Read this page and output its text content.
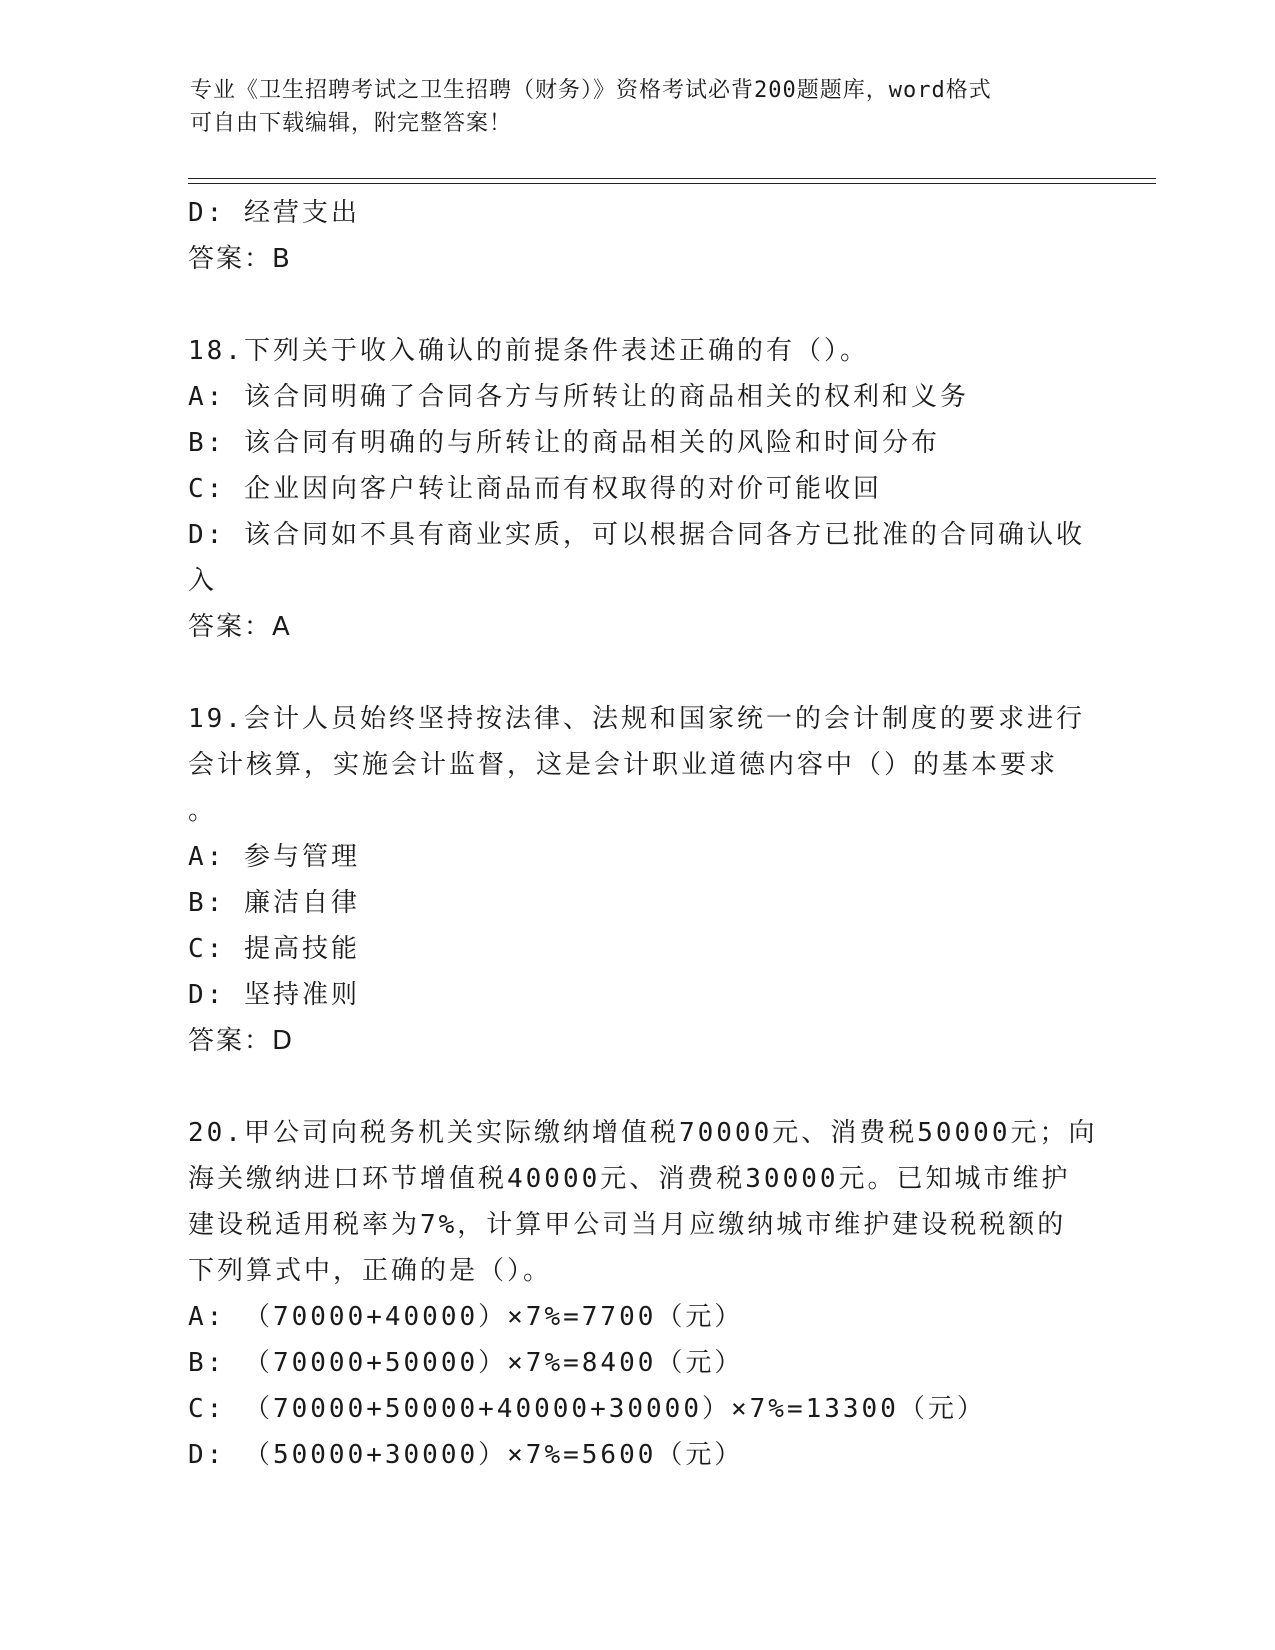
专业《卫生招聘考试之卫生招聘（财务）》资格考试必背200题题库，word格式
可自由下载编辑，附完整答案！
D: 经营支出
答案：B
18.下列关于收入确认的前提条件表述正确的有（）。
A: 该合同明确了合同各方与所转让的商品相关的权利和义务
B: 该合同有明确的与所转让的商品相关的风险和时间分布
C: 企业因向客户转让商品而有权取得的对价可能收回
D: 该合同如不具有商业实质，可以根据合同各方已批准的合同确认收
入
答案：A
19.会计人员始终坚持按法律、法规和国家统一的会计制度的要求进行
会计核算，实施会计监督，这是会计职业道德内容中（）的基本要求
。
A: 参与管理
B: 廉洁自律
C: 提高技能
D: 坚持准则
答案：D
20.甲公司向税务机关实际缴纳增值税70000元、消费税50000元；向
海关缴纳进口环节增值税40000元、消费税30000元。已知城市维护
建设税适用税率为7%，计算甲公司当月应缴纳城市维护建设税税额的
下列算式中，正确的是（）。
A: （70000+40000）×7%=7700（元）
B: （70000+50000）×7%=8400（元）
C: （70000+50000+40000+30000）×7%=13300（元）
D: （50000+30000）×7%=5600（元）
